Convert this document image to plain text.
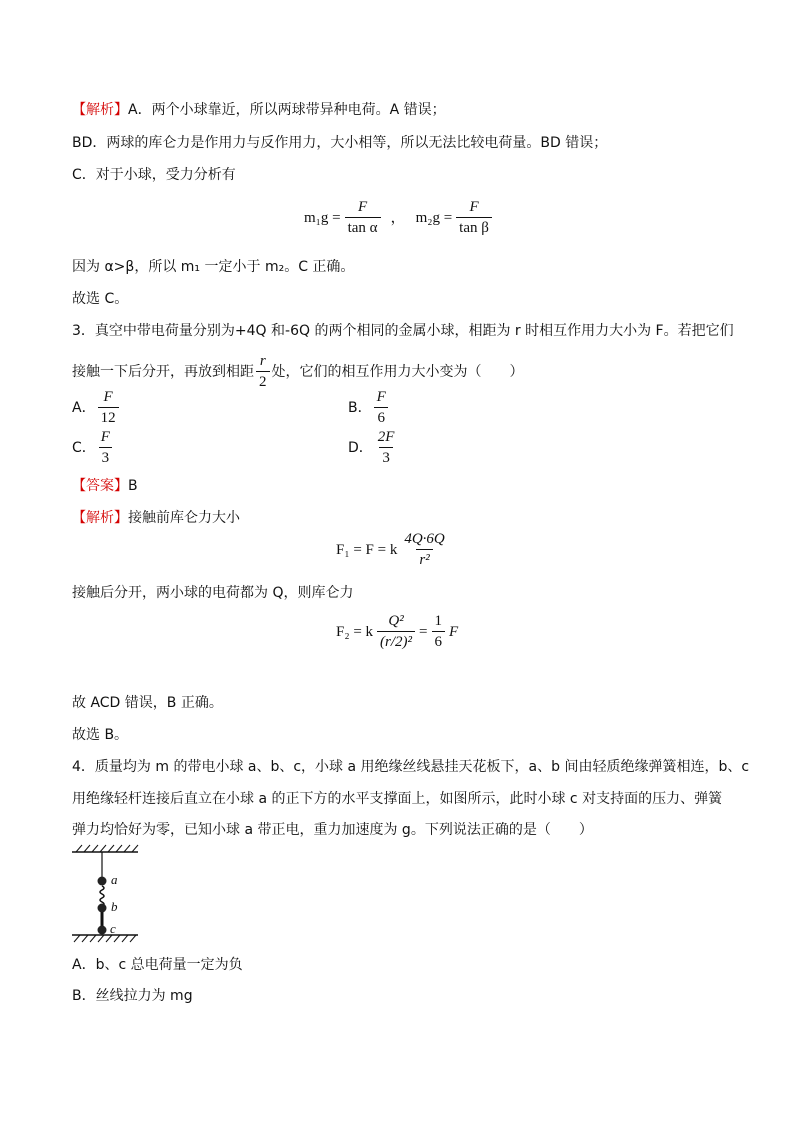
【解析】A．两个小球靠近，所以两球带异种电荷。A 错误；
BD．两球的库仑力是作用力与反作用力，大小相等，所以无法比较电荷量。BD 错误；
C．对于小球，受力分析有
$m_1g = \frac{F}{\text{tan α}}$ ， $m_2g = \frac{F}{\text{tan β}}$
因为 α>β，所以 m₁ 一定小于 m₂。C 正确。
故选 C。
3．真空中带电荷量分别为+4Q 和-6Q 的两个相同的金属小球，相距为 r 时相互作用力大小为 F。若把它们
接触一下后分开，再放到相距 $\frac{r}{2}$ 处，它们的相互作用力大小变为（　　）
A． $\frac{F}{12}$	B． $\frac{F}{6}$
C． $\frac{F}{3}$	D． $\frac{2F}{3}$
【答案】B
【解析】接触前库仑力大小
F₁ = F = k $\frac{4Q\cdot 6Q}{\text{r²}}$
接触后分开，两小球的电荷都为 Q，则库仑力
F₂ = k $\frac{\text{Q²}}{\text{(r/2)²}} = \frac{1}{6}$ F
故 ACD 错误，B 正确。
故选 B。
4．质量均为 m 的带电小球 a、b、c，小球 a 用绝缘丝线悬挂天花板下，a、b 间由轻质绝缘弹簧相连，b、c
用绝缘轻杆连接后直立在小球 a 的正下方的水平支撑面上，如图所示，此时小球 c 对支持面的压力、弹簧
弹力均恰好为零，已知小球 a 带正电，重力加速度为 g。下列说法正确的是（　　）
a
b
c
A．b、c 总电荷量一定为负
B．丝线拉力为 mg
